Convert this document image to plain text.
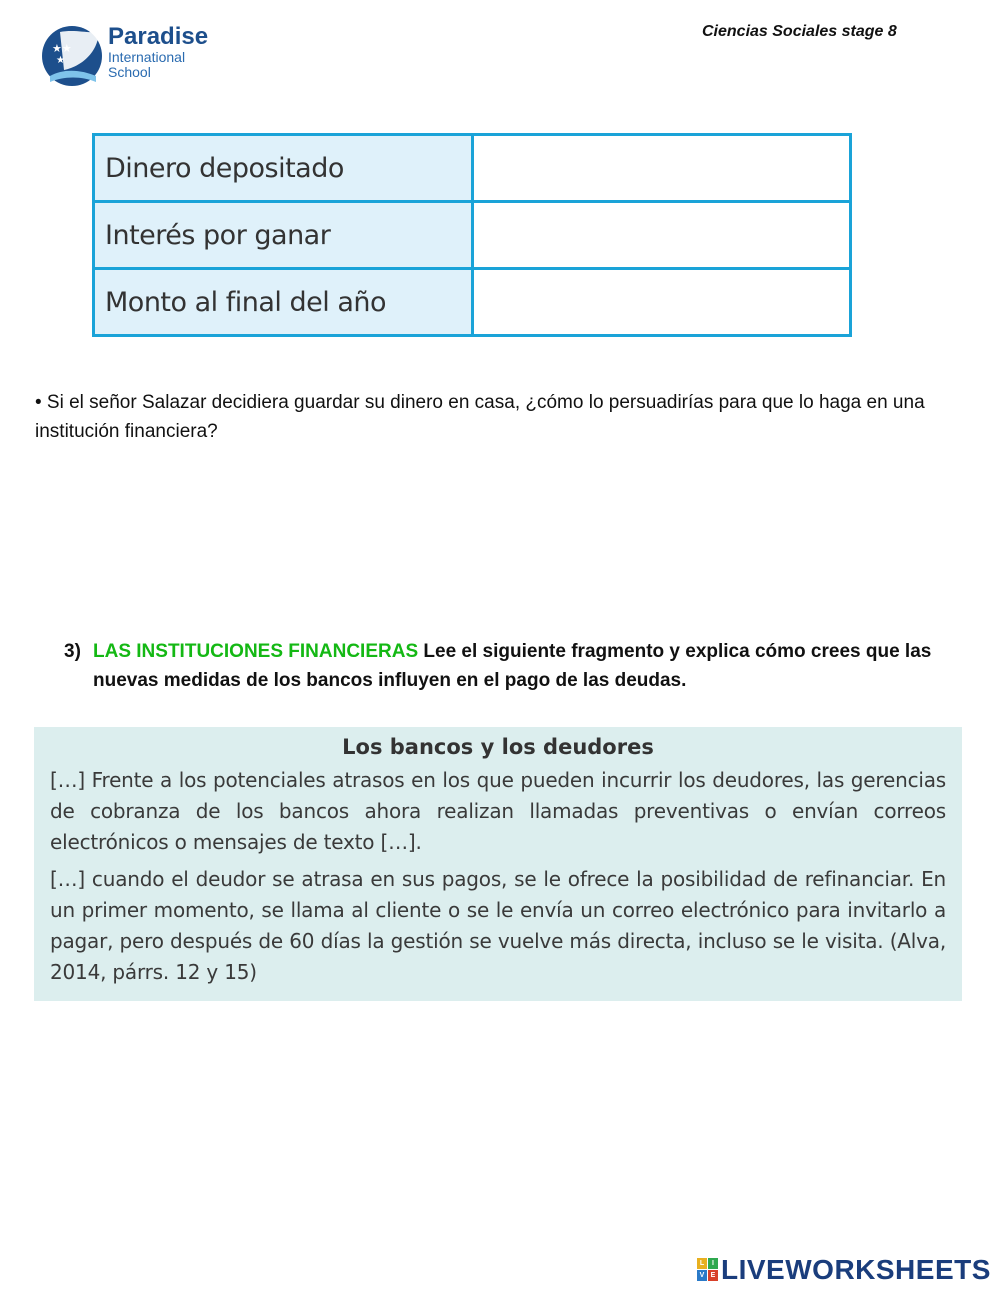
★★
★
Paradise
International
School
Ciencias Sociales stage 8
Dinero depositado	
Interés por ganar	
Monto al final del año	
• Si el señor Salazar decidiera guardar su dinero en casa, ¿cómo lo persuadirías para que lo haga en una institución financiera?
3) LAS INSTITUCIONES FINANCIERAS Lee el siguiente fragmento y explica cómo crees que las nuevas medidas de los bancos influyen en el pago de las deudas.
Los bancos y los deudores

[…] Frente a los potenciales atrasos en los que pueden incurrir los deudores, las gerencias de cobranza de los bancos ahora realizan llamadas preventivas o envían correos electrónicos o mensajes de texto […].

[…] cuando el deudor se atrasa en sus pagos, se le ofrece la posibilidad de refinanciar. En un primer momento, se llama al cliente o se le envía un correo electrónico para invitarlo a pagar, pero después de 60 días la gestión se vuelve más directa, incluso se le visita. (Alva, 2014, párrs. 12 y 15)

L	I
V E LIVEWORKSHEETS
